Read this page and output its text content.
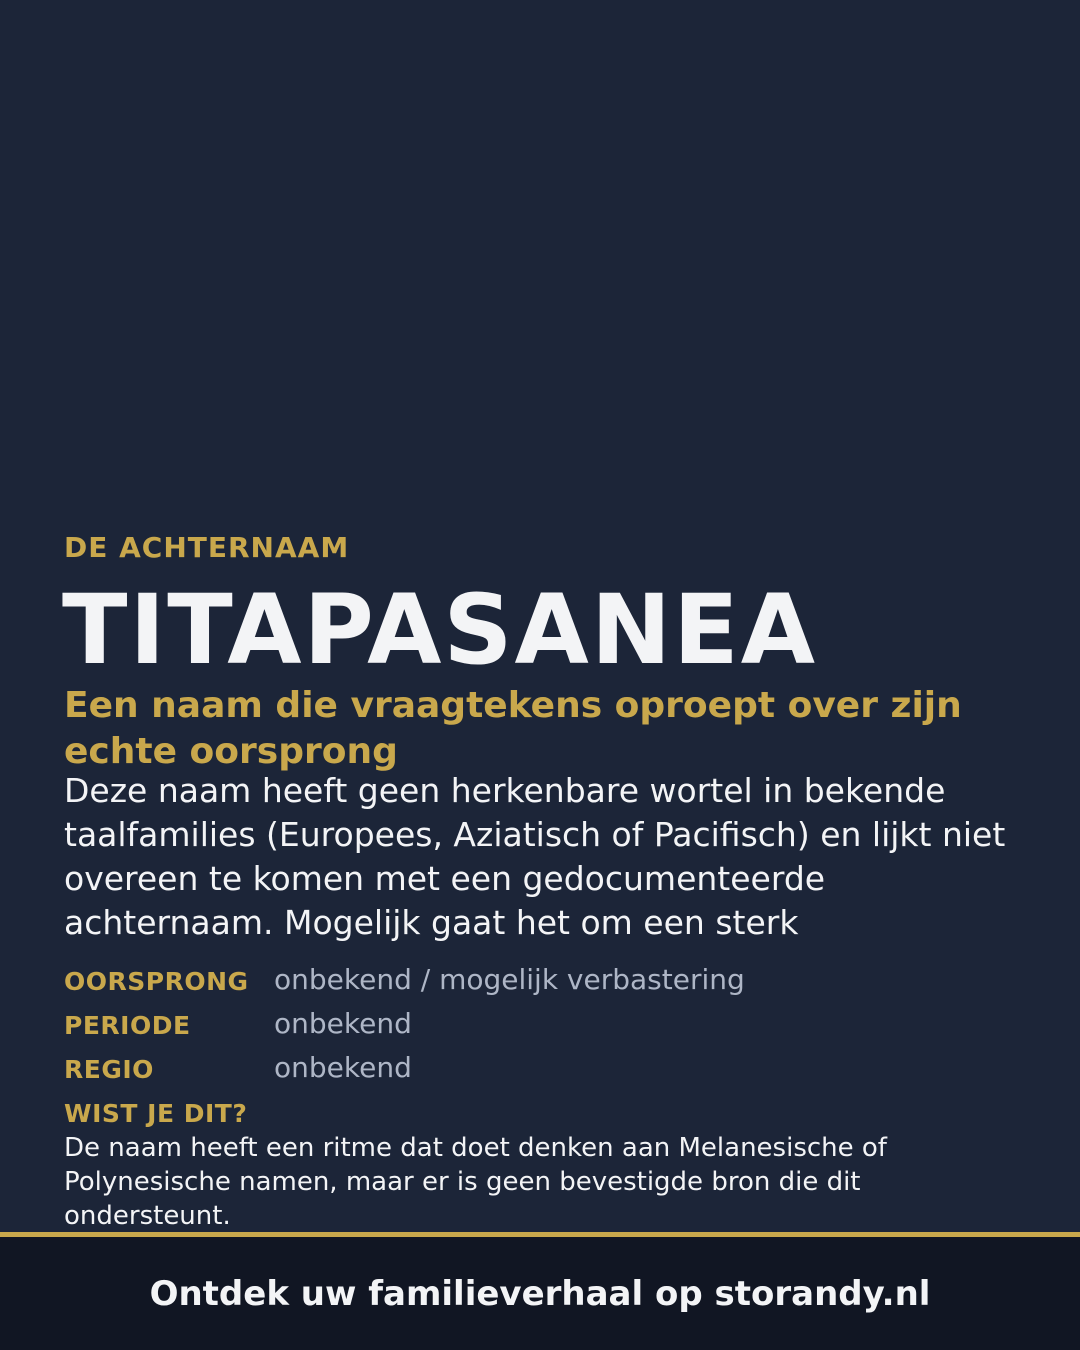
DE ACHTERNAAM
TITAPASANEA
Een naam die vraagtekens oproept over zijn echte oorsprong
Deze naam heeft geen herkenbare wortel in bekende taalfamilies (Europees, Aziatisch of Pacifisch) en lijkt niet overeen te komen met een gedocumenteerde achternaam. Mogelijk gaat het om een sterk
OORSPRONG onbekend / mogelijk verbastering
PERIODE	onbekend
REGIO	onbekend
WIST JE DIT?
De naam heeft een ritme dat doet denken aan Melanesische of Polynesische namen, maar er is geen bevestigde bron die dit ondersteunt.
Ontdek uw familieverhaal op storandy.nl
